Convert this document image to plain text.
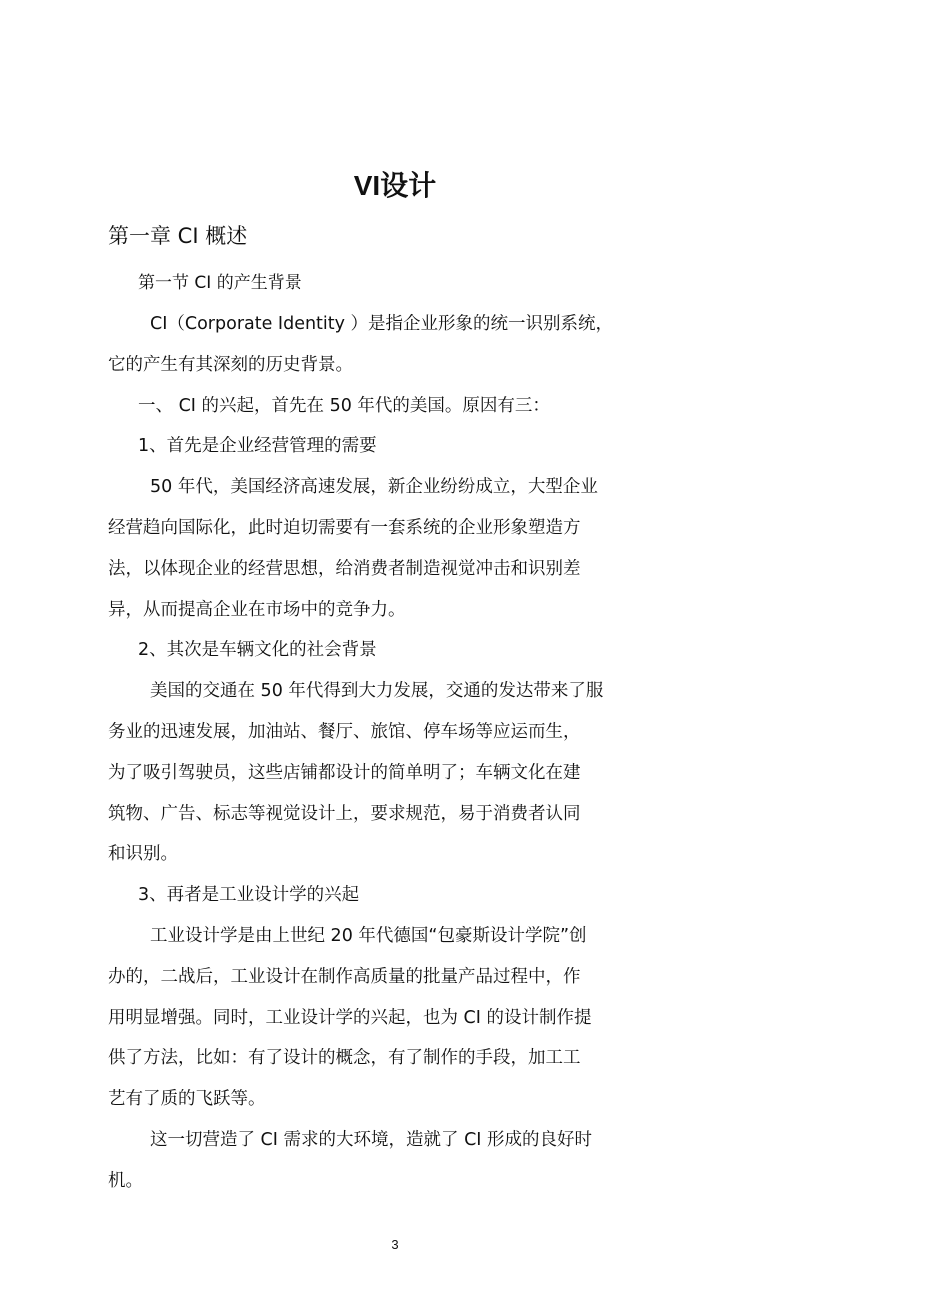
VI设计
第一章 CI 概述
第一节 CI 的产生背景

CI（Corporate Identity ）是指企业形象的统一识别系统，

它的产生有其深刻的历史背景。

一、 CI 的兴起，首先在 50 年代的美国。原因有三：

1、首先是企业经营管理的需要

50 年代，美国经济高速发展，新企业纷纷成立，大型企业

经营趋向国际化，此时迫切需要有一套系统的企业形象塑造方

法，以体现企业的经营思想，给消费者制造视觉冲击和识别差

异，从而提高企业在市场中的竞争力。

2、其次是车辆文化的社会背景

美国的交通在 50 年代得到大力发展，交通的发达带来了服

务业的迅速发展，加油站、餐厅、旅馆、停车场等应运而生，

为了吸引驾驶员，这些店铺都设计的简单明了；车辆文化在建

筑物、广告、标志等视觉设计上，要求规范，易于消费者认同

和识别。

3、再者是工业设计学的兴起

工业设计学是由上世纪 20 年代德国“包豪斯设计学院”创

办的，二战后，工业设计在制作高质量的批量产品过程中，作

用明显增强。同时，工业设计学的兴起，也为 CI 的设计制作提

供了方法，比如：有了设计的概念，有了制作的手段，加工工

艺有了质的飞跃等。

这一切营造了 CI 需求的大环境，造就了 CI 形成的良好时

机。

3
